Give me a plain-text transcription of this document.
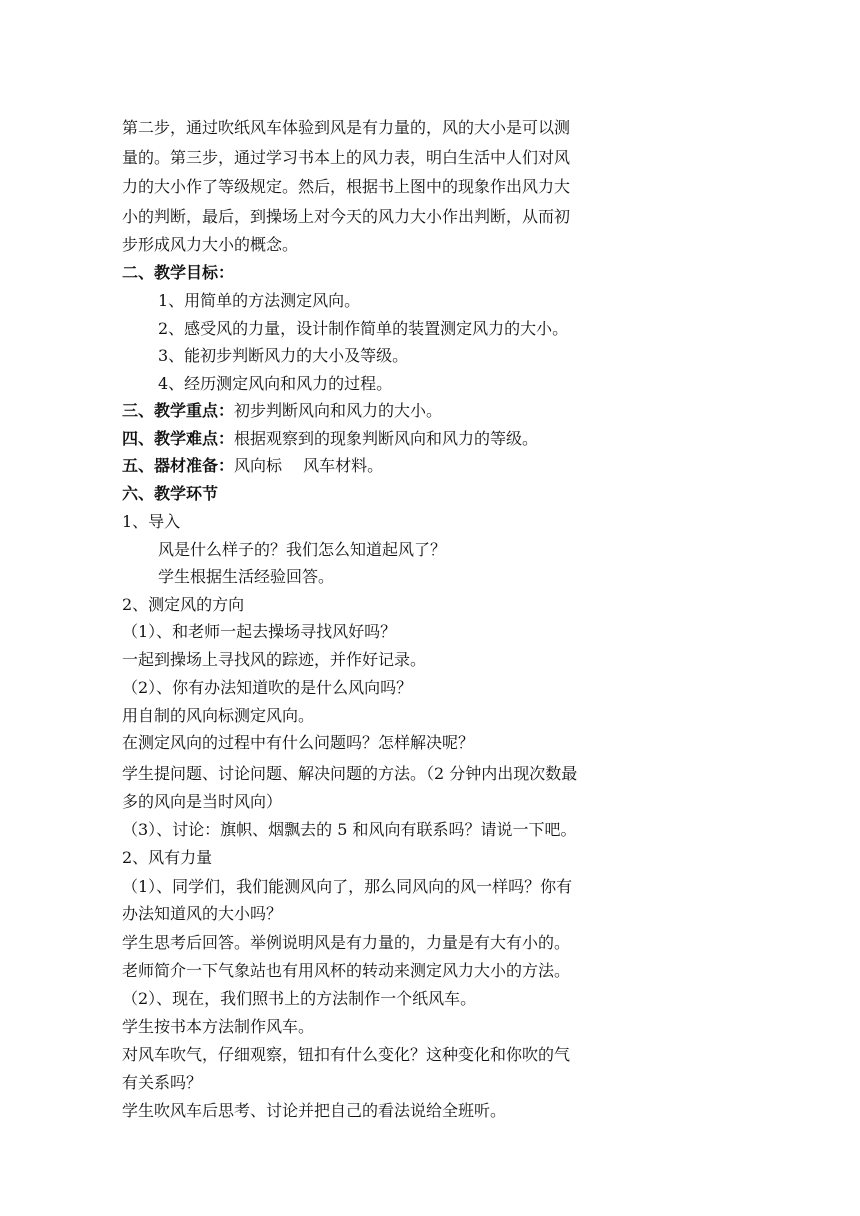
第二步，通过吹纸风车体验到风是有力量的，风的大小是可以测
量的。第三步，通过学习书本上的风力表，明白生活中人们对风
力的大小作了等级规定。然后，根据书上图中的现象作出风力大
小的判断，最后，到操场上对今天的风力大小作出判断，从而初
步形成风力大小的概念。
二、教学目标：
1、用简单的方法测定风向。
2、感受风的力量，设计制作简单的装置测定风力的大小。
3、能初步判断风力的大小及等级。
4、经历测定风向和风力的过程。
三、教学重点：初步判断风向和风力的大小。
四、教学难点：根据观察到的现象判断风向和风力的等级。
五、器材准备：风向标　 风车材料。
六、教学环节
1、导入
风是什么样子的？我们怎么知道起风了？
学生根据生活经验回答。
2、测定风的方向
（1）、和老师一起去操场寻找风好吗？
一起到操场上寻找风的踪迹，并作好记录。
（2）、你有办法知道吹的是什么风向吗？
用自制的风向标测定风向。
在测定风向的过程中有什么问题吗？怎样解决呢？
学生提问题、讨论问题、解决问题的方法。（2 分钟内出现次数最
多的风向是当时风向）
（3）、讨论：旗帜、烟飘去的 5 和风向有联系吗？请说一下吧。
2、风有力量
（1）、同学们，我们能测风向了，那么同风向的风一样吗？你有
办法知道风的大小吗？
学生思考后回答。举例说明风是有力量的，力量是有大有小的。
老师简介一下气象站也有用风杯的转动来测定风力大小的方法。
（2）、现在，我们照书上的方法制作一个纸风车。
学生按书本方法制作风车。
对风车吹气，仔细观察，钮扣有什么变化？这种变化和你吹的气
有关系吗？
学生吹风车后思考、讨论并把自己的看法说给全班听。
